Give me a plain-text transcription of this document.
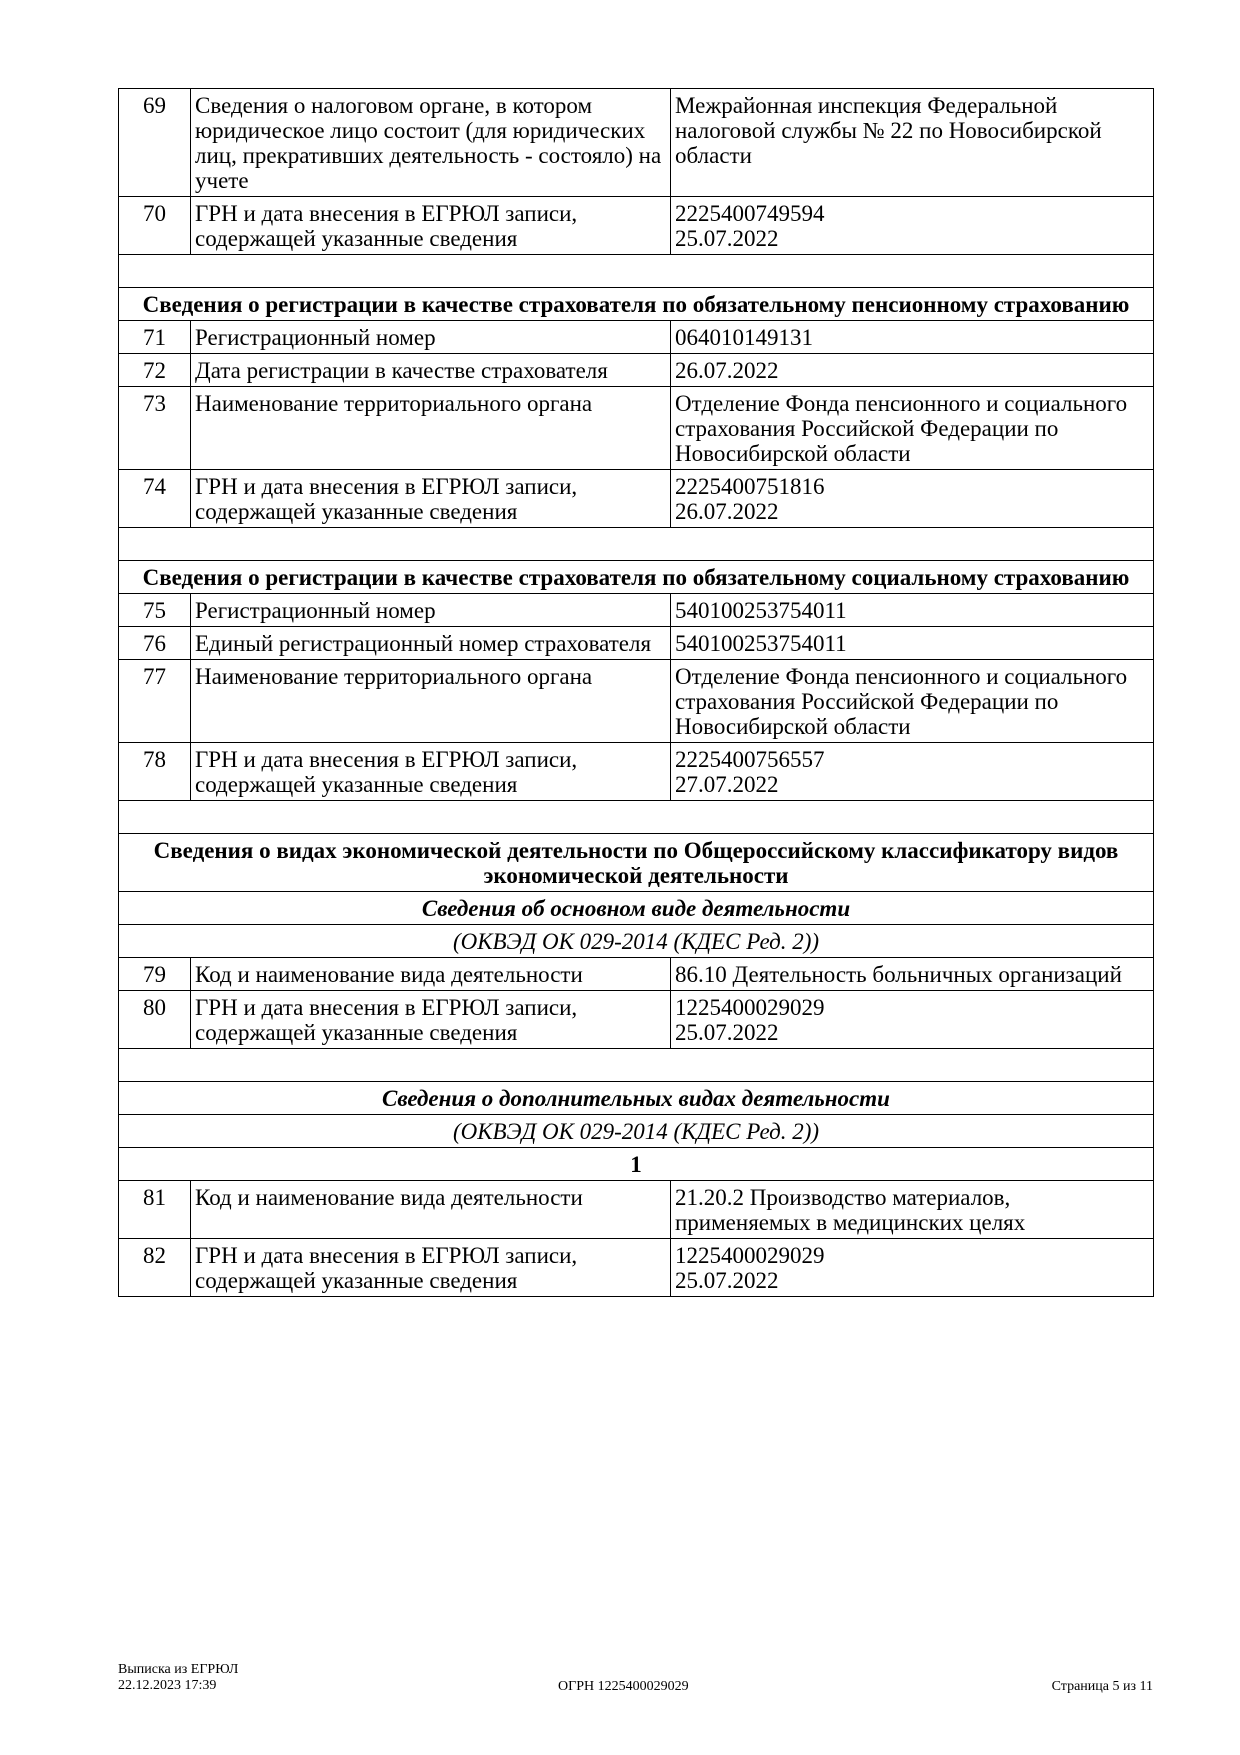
69	Сведения о налоговом органе, в котором юридическое лицо состоит (для юридических лиц, прекративших деятельность - состояло) на учете	Межрайонная инспекция Федеральной налоговой службы № 22 по Новосибирской области
70	ГРН и дата внесения в ЕГРЮЛ записи, содержащей указанные сведения	2225400749594
25.07.2022

Сведения о регистрации в качестве страхователя по обязательному пенсионному страхованию		
71	Регистрационный номер	064010149131
72	Дата регистрации в качестве страхователя	26.07.2022
73	Наименование территориального органа	Отделение Фонда пенсионного и социального страхования Российской Федерации по Новосибирской области
74	ГРН и дата внесения в ЕГРЮЛ записи, содержащей указанные сведения	2225400751816
26.07.2022

Сведения о регистрации в качестве страхователя по обязательному социальному страхованию		
75	Регистрационный номер	540100253754011
76	Единый регистрационный номер страхователя	540100253754011
77	Наименование территориального органа	Отделение Фонда пенсионного и социального страхования Российской Федерации по Новосибирской области
78	ГРН и дата внесения в ЕГРЮЛ записи, содержащей указанные сведения	2225400756557
27.07.2022

Сведения о видах экономической деятельности по Общероссийскому классификатору видов экономической деятельности		
Сведения об основном виде деятельности		
(ОКВЭД ОК 029-2014 (КДЕС Ред. 2))		
79	Код и наименование вида деятельности	86.10 Деятельность больничных организаций
80	ГРН и дата внесения в ЕГРЮЛ записи, содержащей указанные сведения	1225400029029
25.07.2022

Сведения о дополнительных видах деятельности		
(ОКВЭД ОК 029-2014 (КДЕС Ред. 2))		
1		
81	Код и наименование вида деятельности	21.20.2 Производство материалов, применяемых в медицинских целях
82	ГРН и дата внесения в ЕГРЮЛ записи, содержащей указанные сведения	1225400029029
25.07.2022
Выписка из ЕГРЮЛ
22.12.2023 17:39	ОГРН 1225400029029	Страница 5 из 11
